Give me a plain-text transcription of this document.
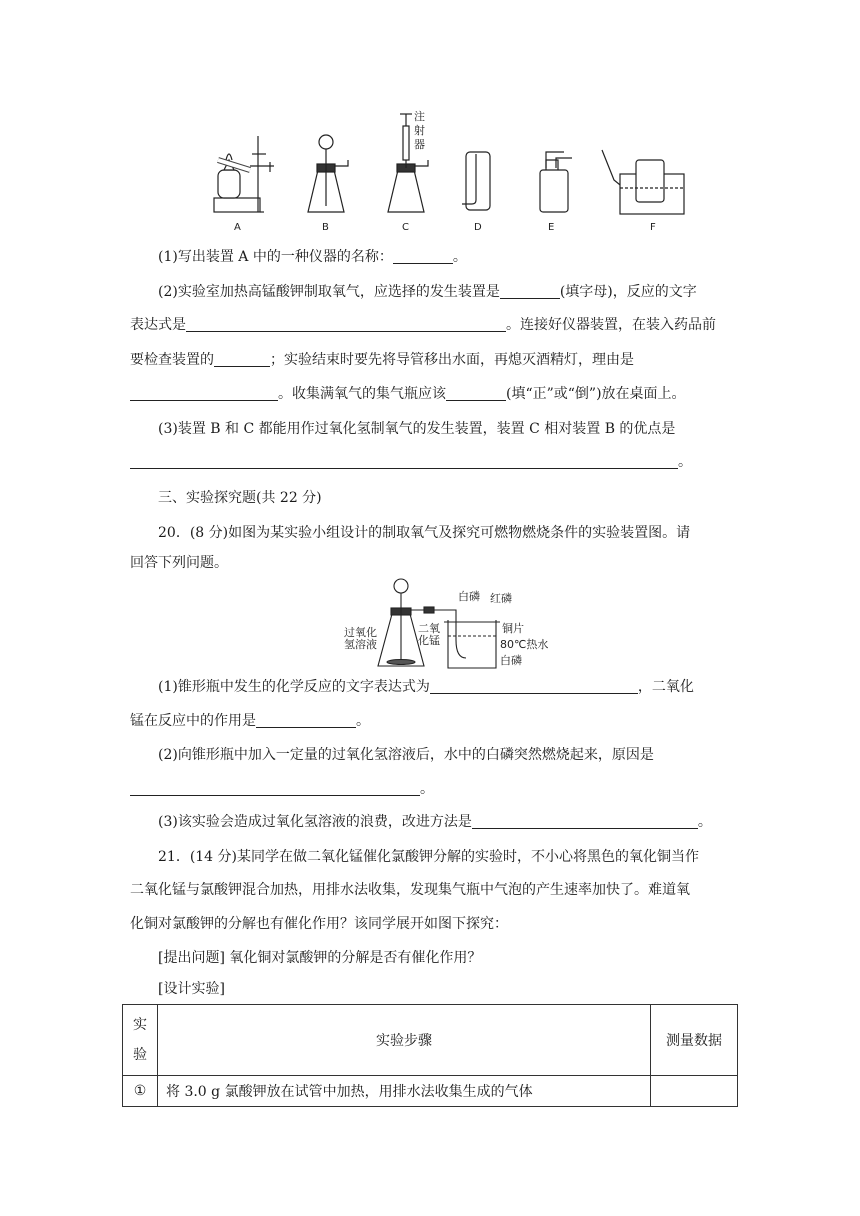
A	B	C	D	E	F
注
射
器
(1)写出装置 A 中的一种仪器的名称：	。
(2)实验室加热高锰酸钾制取氧气，应选择的发生装置是	(填字母)，反应的文字
表达式是	。连接好仪器装置，在装入药品前
要检查装置的	；实验结束时要先将导管移出水面，再熄灭酒精灯，理由是
。收集满氧气的集气瓶应该	(填“正”或“倒”)放在桌面上。
(3)装置 B 和 C 都能用作过氧化氢制氧气的发生装置，装置 C 相对装置 B 的优点是
。
三、实验探究题(共 22 分)
20．(8 分)如图为某实验小组设计的制取氧气及探究可燃物燃烧条件的实验装置图。请
回答下列问题。
白磷 红磷
二氧
化锰
过氧化
氢溶液
铜片
80℃热水
白磷
(1)锥形瓶中发生的化学反应的文字表达式为	，二氧化
锰在反应中的作用是	。
(2)向锥形瓶中加入一定量的过氧化氢溶液后，水中的白磷突然燃烧起来，原因是
。
(3)该实验会造成过氧化氢溶液的浪费，改进方法是	。
21．(14 分)某同学在做二氧化锰催化氯酸钾分解的实验时，不小心将黑色的氧化铜当作
二氧化锰与氯酸钾混合加热，用排水法收集，发现集气瓶中气泡的产生速率加快了。难道氧
化铜对氯酸钾的分解也有催化作用？该同学展开如图下探究：
[提出问题] 氧化铜对氯酸钾的分解是否有催化作用？
[设计实验]
实
验	实验步骤	测量数据
①	将 3.0 g 氯酸钾放在试管中加热，用排水法收集生成的气体	
